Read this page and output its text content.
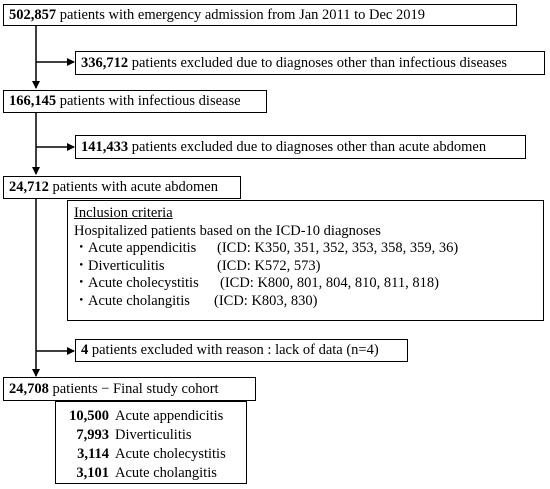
502,857
patients with emergency admission from Jan 2011 to Dec 2019
336,712
patients excluded due to diagnoses other than infectious diseases
166,145
patients with infectious disease
141,433
patients excluded due to diagnoses other than acute abdomen
24,712
patients with acute abdomen
Inclusion criteria
Hospitalized patients based on the ICD-10 diagnoses
・ Acute appendicitis	(ICD: K350, 351, 352, 353, 358, 359, 36)
・ Diverticulitis	(ICD: K572, 573)
・ Acute cholecystitis	(ICD: K800, 801, 804, 810, 811, 818)
・ Acute cholangitis	(ICD: K803, 830)
4
patients excluded with reason : lack of data (n=4)
24,708
patients − Final study cohort
10,500 Acute appendicitis
7,993 Diverticulitis
3,114 Acute cholecystitis
3,101 Acute cholangitis
